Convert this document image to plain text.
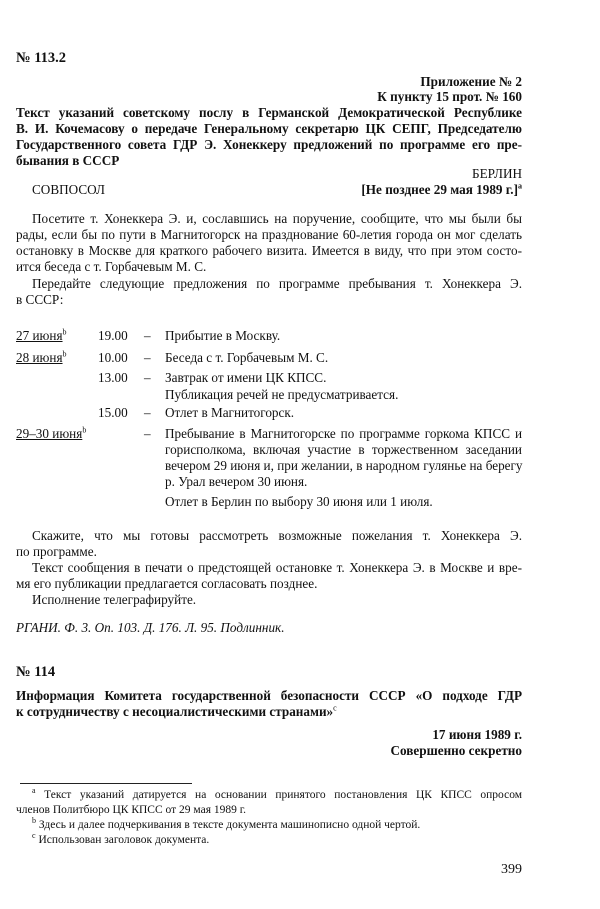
№ 113.2
Приложение № 2
К пункту 15 прот. № 160
Текст указаний советскому послу в Германской Демократической Республике
В. И. Кочемасову о передаче Генеральному секретарю ЦК СЕПГ, Председателю
Государственного совета ГДР Э. Хонеккеру предложений по программе его пре-
бывания в СССР
БЕРЛИН
СОВПОСОЛ	[Не позднее 29 мая 1989 г.]$^a$
Посетите т. Хонеккера Э. и, сославшись на поручение, сообщите, что мы были бы
рады, если бы по пути в Магнитогорск на празднование 60-летия города он мог сделать
остановку в Москве для краткого рабочего визита. Имеется в виду, что при этом состо-
ится беседа с т. Горбачевым М. С.
Передайте следующие предложения по программе пребывания т. Хонеккера Э.
в СССР:
27 июня$^b$ 19.00 – Прибытие в Москву.
28 июня$^b$ 10.00 – Беседа с т. Горбачевым М. С.
13.00 – Завтрак от имени ЦК КПСС.
Публикация речей не предусматривается.
15.00 – Отлет в Магнитогорск.
29–30 июня$^b$	– Пребывание в Магнитогорске по программе горкома КПСС и
горисполкома, включая участие в торжественном заседании
вечером 29 июня и, при желании, в народном гулянье на берегу
р. Урал вечером 30 июня.
Отлет в Берлин по выбору 30 июня или 1 июля.
Скажите, что мы готовы рассмотреть возможные пожелания т. Хонеккера Э.
по программе.
Текст сообщения в печати о предстоящей остановке т. Хонеккера Э. в Москве и вре-
мя его публикации предлагается согласовать позднее.
Исполнение телеграфируйте.
РГАНИ. Ф. 3. Оп. 103. Д. 176. Л. 95. Подлинник.
№ 114
Информация Комитета государственной безопасности СССР «О подходе ГДР
к сотрудничеству с несоциалистическими странами»$^c$
17 июня 1989 г.
Совершенно секретно
$^a$ Текст указаний датируется на основании принятого постановления ЦК КПСС опросом
членов Политбюро ЦК КПСС от 29 мая 1989 г.
$^b$ Здесь и далее подчеркивания в тексте документа машинописно одной чертой.
$^c$ Использован заголовок документа.
399
